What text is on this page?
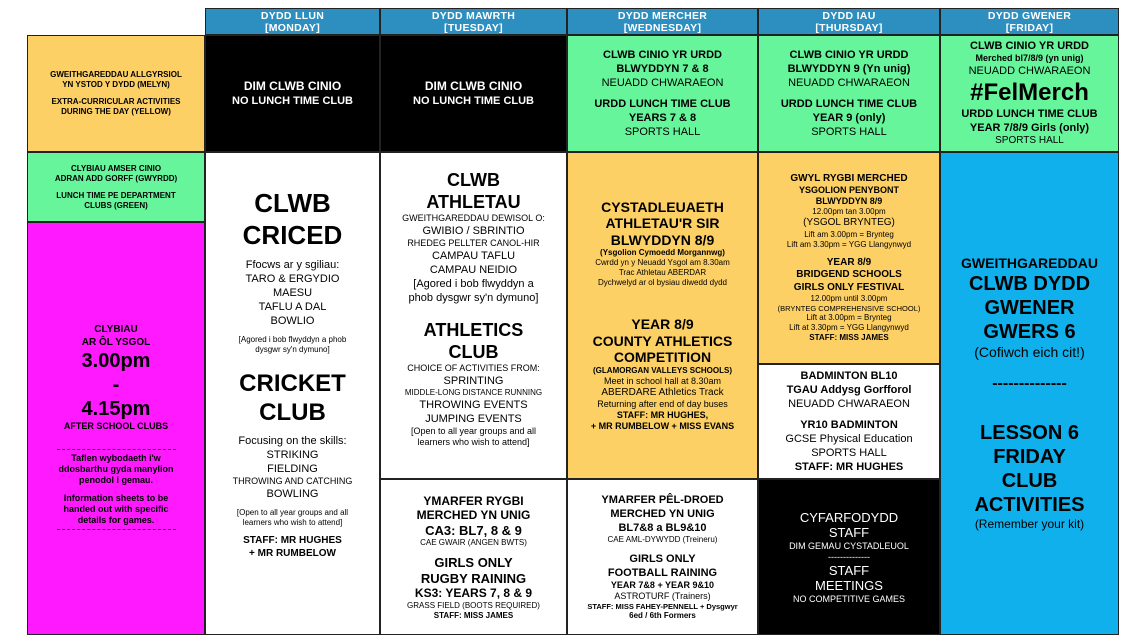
DYDD LLUN
[MONDAY]
DYDD MAWRTH
[TUESDAY]
DYDD MERCHER
[WEDNESDAY]
DYDD IAU
[THURSDAY]
DYDD GWENER
[FRIDAY]
GWEITHGAREDDAU ALLGYRSIOL
YN YSTOD Y DYDD (MELYN)
EXTRA-CURRICULAR ACTIVITIES
DURING THE DAY (YELLOW)
CLYBIAU AMSER CINIO
ADRAN ADD GORFF (GWYRDD)
LUNCH TIME PE DEPARTMENT
CLUBS (GREEN)
CLYBIAU
AR ÔL YSGOL
3.00pm
-
4.15pm
AFTER SCHOOL CLUBS
Taflen wybodaeth i'w
ddosbarthu gyda manylion
penodol i gemau.
Information sheets to be
handed out with specific
details for games.
DIM CLWB CINIO
NO LUNCH TIME CLUB
DIM CLWB CINIO
NO LUNCH TIME CLUB
CLWB CINIO YR URDD
BLWYDDYN 7 & 8
NEUADD CHWARAEON
URDD LUNCH TIME CLUB
YEARS 7 & 8
SPORTS HALL
CLWB CINIO YR URDD
BLWYDDYN 9 (Yn unig)
NEUADD CHWARAEON
URDD LUNCH TIME CLUB
YEAR 9 (only)
SPORTS HALL
CLWB CINIO YR URDD
Merched bl7/8/9 (yn unig)
NEUADD CHWARAEON
#FelMerch
URDD LUNCH TIME CLUB
YEAR 7/8/9 Girls (only)
SPORTS HALL
CLWB
CRICED
Ffocws ar y sgiliau:
TARO & ERGYDIO
MAESU
TAFLU A DAL
BOWLIO
[Agored i bob flwyddyn a phob
dysgwr sy'n dymuno]
CRICKET
CLUB
Focusing on the skills:
STRIKING
FIELDING
THROWING AND CATCHING
BOWLING
[Open to all year groups and all
learners who wish to attend]
STAFF: MR HUGHES
+ MR RUMBELOW
CLWB
ATHLETAU
GWEITHGAREDDAU DEWISOL O:
GWIBIO / SBRINTIO
RHEDEG PELLTER CANOL-HIR
CAMPAU TAFLU
CAMPAU NEIDIO
[Agored i bob flwyddyn a
phob dysgwr sy'n dymuno]
ATHLETICS
CLUB
CHOICE OF ACTIVITIES FROM:
SPRINTING
MIDDLE-LONG DISTANCE RUNNING
THROWING EVENTS
JUMPING EVENTS
[Open to all year groups and all
learners who wish to attend]
YMARFER RYGBI
MERCHED YN UNIG
CA3: BL7, 8 & 9
CAE GWAIR (ANGEN BWTS)
GIRLS ONLY
RUGBY RAINING
KS3: YEARS 7, 8 & 9
GRASS FIELD (BOOTS REQUIRED)
STAFF: MISS JAMES
CYSTADLEUAETH
ATHLETAU'R SIR
BLWYDDYN 8/9
(Ysgolion Cymoedd Morgannwg)
Cwrdd yn y Neuadd Ysgol am 8.30am
Trac Athletau ABERDAR
Dychwelyd ar ol bysiau diwedd dydd
YEAR 8/9
COUNTY ATHLETICS
COMPETITION
(GLAMORGAN VALLEYS SCHOOLS)
Meet in school hall at 8.30am
ABERDARE Athletics Track
Returning after end of day buses
STAFF: MR HUGHES,
+ MR RUMBELOW + MISS EVANS
YMARFER PÊL-DROED
MERCHED YN UNIG
BL7&8 a BL9&10
CAE AML-DYWYDD (Treineru)
GIRLS ONLY
FOOTBALL RAINING
YEAR 7&8 + YEAR 9&10
ASTROTURF (Trainers)
STAFF: MISS FAHEY-PENNELL + Dysgwyr
6ed / 6th Formers
GWYL RYGBI MERCHED
YSGOLION PENYBONT
BLWYDDYN 8/9
12.00pm tan 3.00pm
(YSGOL BRYNTEG)
Lift am 3.00pm = Brynteg
Lift am 3.30pm = YGG Llangynwyd
YEAR 8/9
BRIDGEND SCHOOLS
GIRLS ONLY FESTIVAL
12.00pm until 3.00pm
(BRYNTEG COMPREHENSIVE SCHOOL)
Lift at 3.00pm = Brynteg
Lift at 3.30pm = YGG Llangynwyd
STAFF: MISS JAMES
BADMINTON BL10
TGAU Addysg Gorfforol
NEUADD CHWARAEON
YR10 BADMINTON
GCSE Physical Education
SPORTS HALL
STAFF: MR HUGHES
CYFARFODYDD
STAFF
DIM GEMAU CYSTADLEUOL
--------------
STAFF
MEETINGS
NO COMPETITIVE GAMES
GWEITHGAREDDAU
CLWB DYDD
GWENER
GWERS 6
(Cofiwch eich cit!)
--------------
LESSON 6
FRIDAY
CLUB
ACTIVITIES
(Remember your kit)
